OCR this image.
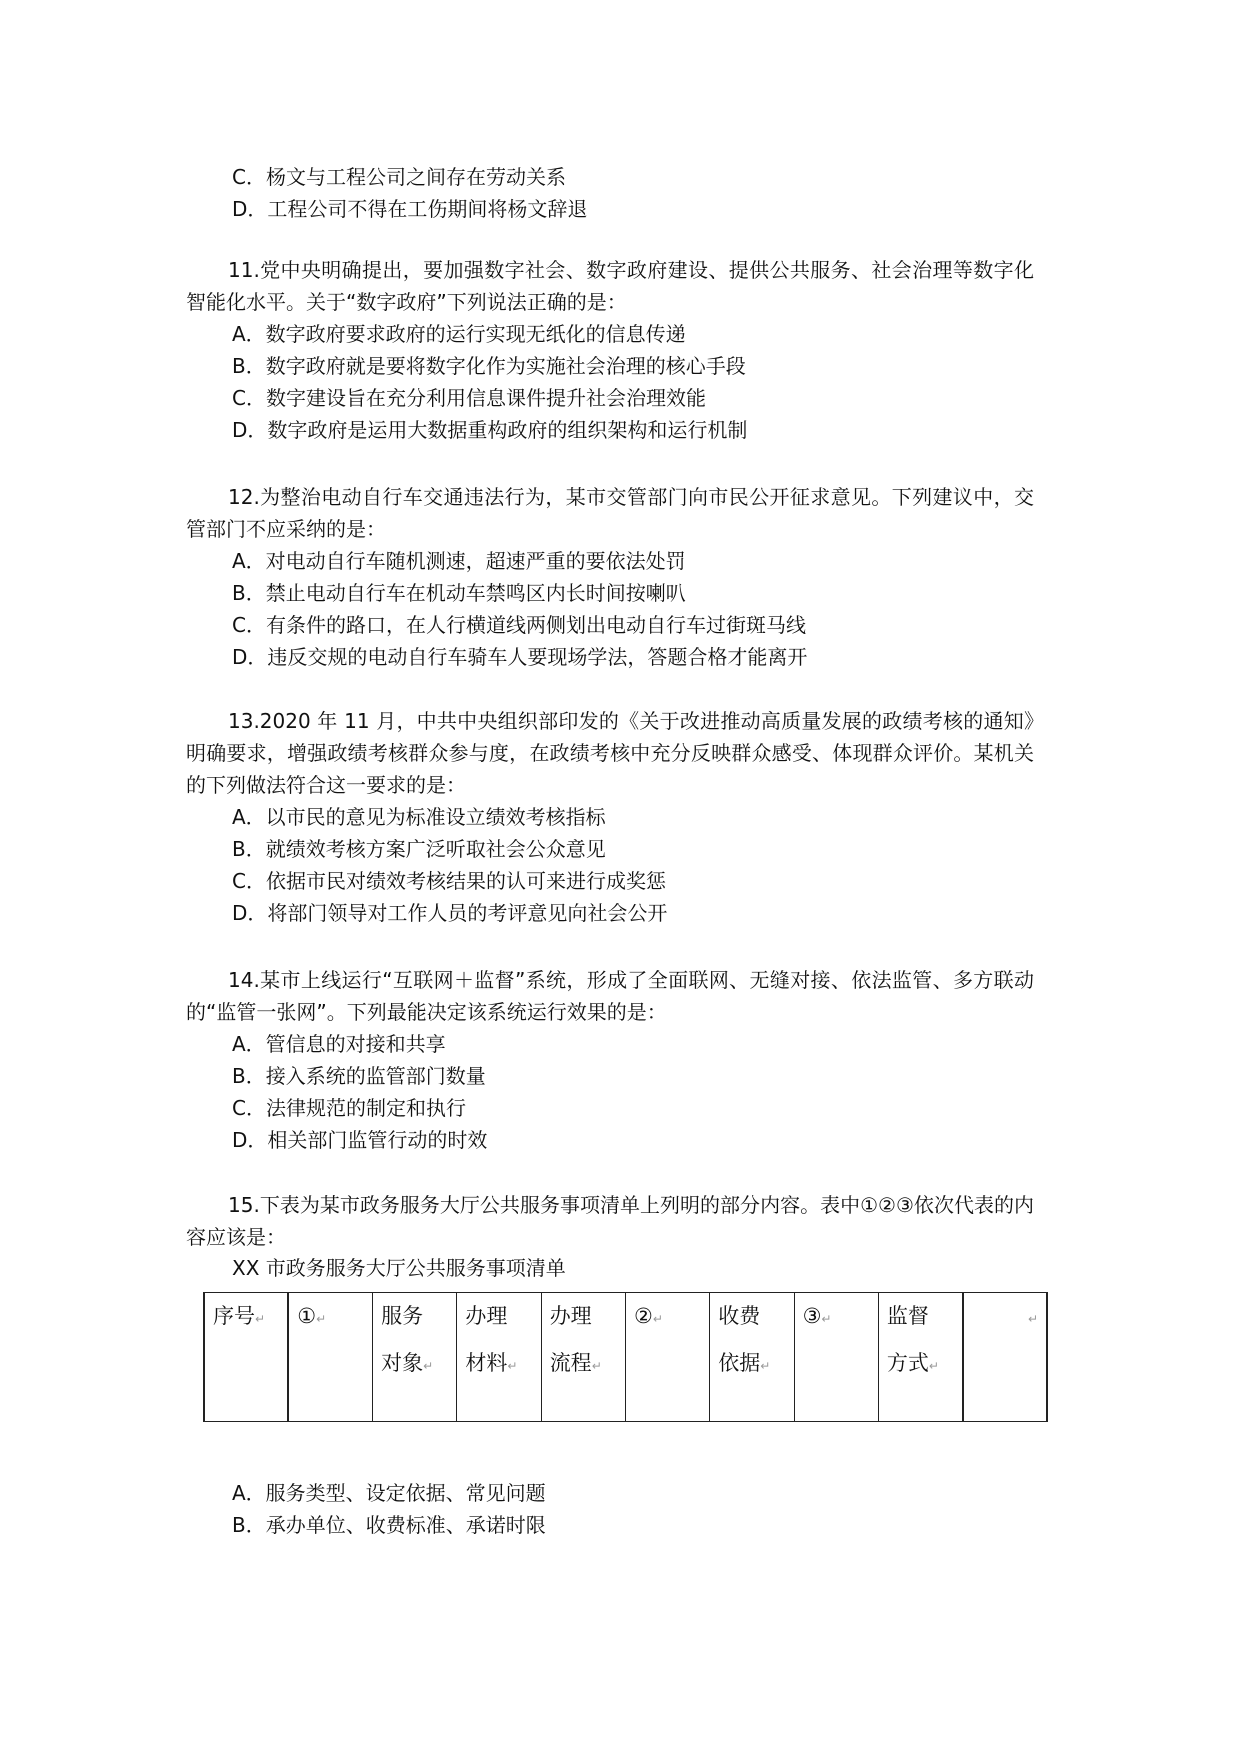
C．杨文与工程公司之间存在劳动关系

D．工程公司不得在工伤期间将杨文辞退

11.党中央明确提出，要加强数字社会、数字政府建设、提供公共服务、社会治理等数字化智能化水平。关于“数字政府”下列说法正确的是：

A．数字政府要求政府的运行实现无纸化的信息传递

B．数字政府就是要将数字化作为实施社会治理的核心手段

C．数字建设旨在充分利用信息课件提升社会治理效能

D．数字政府是运用大数据重构政府的组织架构和运行机制

12.为整治电动自行车交通违法行为，某市交管部门向市民公开征求意见。下列建议中，交管部门不应采纳的是：

A．对电动自行车随机测速，超速严重的要依法处罚

B．禁止电动自行车在机动车禁鸣区内长时间按喇叭

C．有条件的路口，在人行横道线两侧划出电动自行车过街斑马线

D．违反交规的电动自行车骑车人要现场学法，答题合格才能离开

13.2020 年 11 月，中共中央组织部印发的《关于改进推动高质量发展的政绩考核的通知》明确要求，增强政绩考核群众参与度，在政绩考核中充分反映群众感受、体现群众评价。某机关的下列做法符合这一要求的是：

A．以市民的意见为标准设立绩效考核指标

B．就绩效考核方案广泛听取社会公众意见

C．依据市民对绩效考核结果的认可来进行成奖惩

D．将部门领导对工作人员的考评意见向社会公开

14.某市上线运行“互联网＋监督”系统，形成了全面联网、无缝对接、依法监管、多方联动的“监管一张网”。下列最能决定该系统运行效果的是：

A．管信息的对接和共享

B．接入系统的监管部门数量

C．法律规范的制定和执行

D．相关部门监管行动的时效

15.下表为某市政务服务大厅公共服务事项清单上列明的部分内容。表中①②③依次代表的内容应该是：

XX 市政务服务大厅公共服务事项清单
序号↵	①↵	服务
对象↵	办理
材料↵	办理
流程↵	②↵	收费
依据↵	③↵	监督
方式↵	↵

A．服务类型、设定依据、常见问题

B．承办单位、收费标准、承诺时限
